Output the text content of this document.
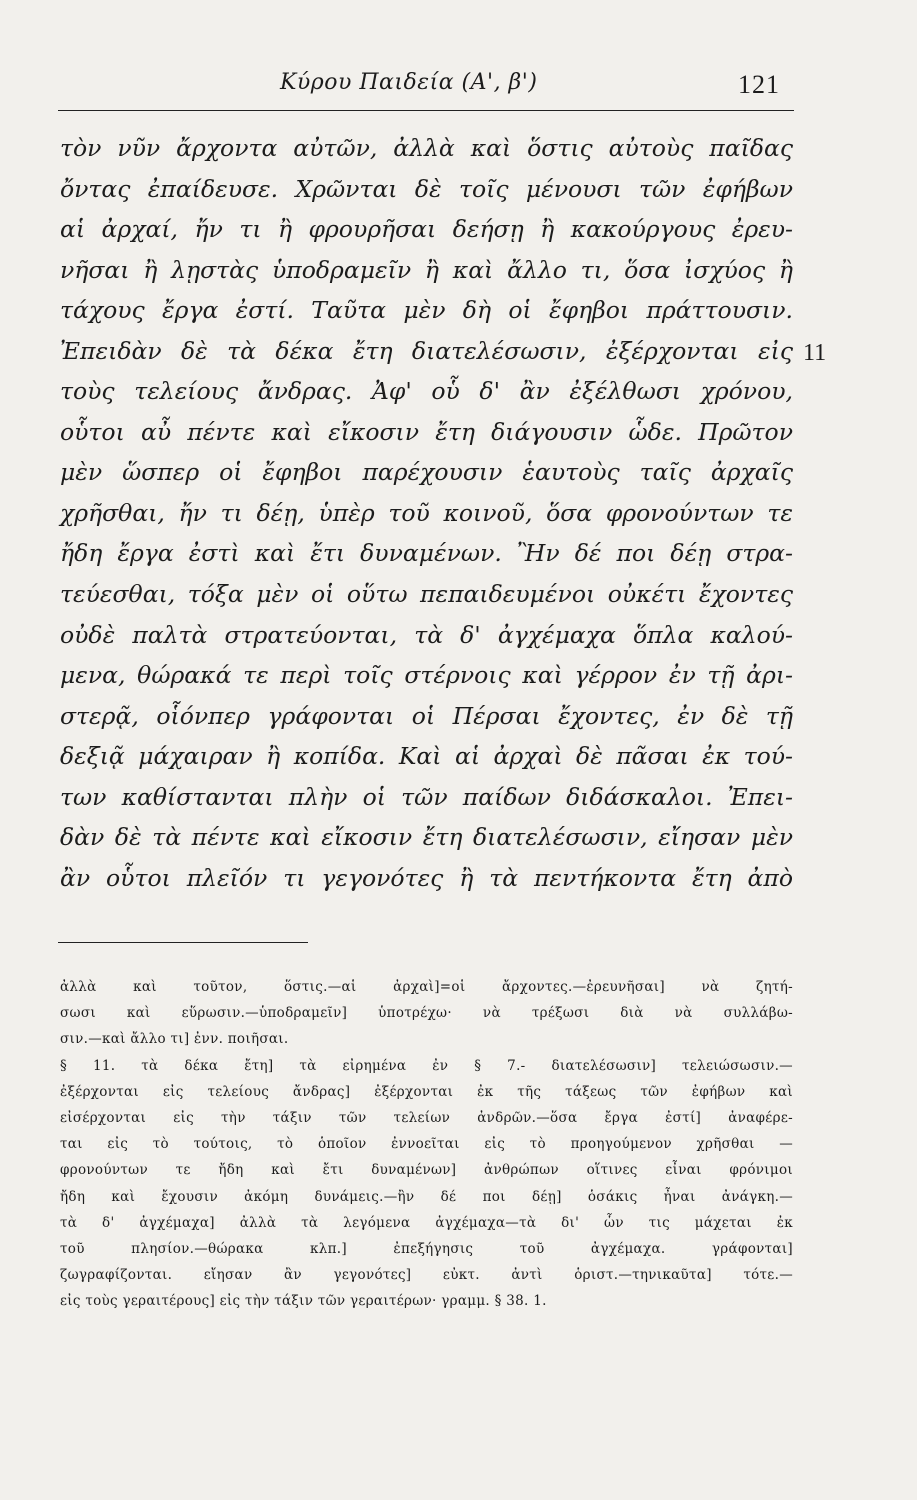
Κύρου Παιδεία (Α', β')	121
τὸν νῦν ἄρχοντα αὐτῶν, ἀλλὰ καὶ ὅστις αὐτοὺς παῖδας
ὄντας ἐπαίδευσε. Χρῶνται δὲ τοῖς μένουσι τῶν ἐφήβων
αἱ ἀρχαί, ἤν τι ἢ φρουρῆσαι δεήσῃ ἢ κακούργους ἐρευ-
νῆσαι ἢ λῃστὰς ὑποδραμεῖν ἢ καὶ ἄλλο τι, ὅσα ἰσχύος ἢ
τάχους ἔργα ἐστί. Ταῦτα μὲν δὴ οἱ ἔφηβοι πράττουσιν.
Ἐπειδὰν δὲ τὰ δέκα ἔτη διατελέσωσιν, ἐξέρχονται εἰς
τοὺς τελείους ἄνδρας. Ἀφ' οὗ δ' ἂν ἐξέλθωσι χρόνου,
οὗτοι αὖ πέντε καὶ εἴκοσιν ἔτη διάγουσιν ὧδε. Πρῶτον
μὲν ὥσπερ οἱ ἔφηβοι παρέχουσιν ἑαυτοὺς ταῖς ἀρχαῖς
χρῆσθαι, ἤν τι δέῃ, ὑπὲρ τοῦ κοινοῦ, ὅσα φρονούντων τε
ἤδη ἔργα ἐστὶ καὶ ἔτι δυναμένων. Ἢν δέ ποι δέῃ στρα-
τεύεσθαι, τόξα μὲν οἱ οὕτω πεπαιδευμένοι οὐκέτι ἔχοντες
οὐδὲ παλτὰ στρατεύονται, τὰ δ' ἀγχέμαχα ὅπλα καλού-
μενα, θώρακά τε περὶ τοῖς στέρνοις καὶ γέρρον ἐν τῇ ἀρι-
στερᾷ, οἷόνπερ γράφονται οἱ Πέρσαι ἔχοντες, ἐν δὲ τῇ
δεξιᾷ μάχαιραν ἢ κοπίδα. Καὶ αἱ ἀρχαὶ δὲ πᾶσαι ἐκ τού-
των καθίστανται πλὴν οἱ τῶν παίδων διδάσκαλοι. Ἐπει-
δὰν δὲ τὰ πέντε καὶ εἴκοσιν ἔτη διατελέσωσιν, εἴησαν μὲν
ἂν οὗτοι πλεῖόν τι γεγονότες ἢ τὰ πεντήκοντα ἔτη ἀπὸ
11
ἀλλὰ καὶ τοῦτον, ὅστις.—αἱ ἀρχαὶ]=οἱ ἄρχοντες.—ἐρευνῆσαι] νὰ ζητή-
σωσι καὶ εὕρωσιν.—ὑποδραμεῖν] ὑποτρέχω· νὰ τρέξωσι διὰ νὰ συλλάβω-
σιν.—καὶ ἄλλο τι] ἐνν. ποιῆσαι.
§ 11. τὰ δέκα ἔτη] τὰ εἰρημένα ἐν § 7.- διατελέσωσιν] τελειώσωσιν.—
ἐξέρχονται εἰς τελείους ἄνδρας] ἐξέρχονται ἐκ τῆς τάξεως τῶν ἐφήβων καὶ
εἰσέρχονται εἰς τὴν τάξιν τῶν τελείων ἀνδρῶν.—ὅσα ἔργα ἐστί] ἀναφέρε-
ται εἰς τὸ τούτοις, τὸ ὁποῖον ἐννοεῖται εἰς τὸ προηγούμενον χρῆσθαι —
φρονούντων τε ἤδη καὶ ἔτι δυναμένων] ἀνθρώπων οἵτινες εἶναι φρόνιμοι
ἤδη καὶ ἔχουσιν ἀκόμη δυνάμεις.—ἢν δέ ποι δέῃ] ὁσάκις ἦναι ἀνάγκη.—
τὰ δ' ἀγχέμαχα] ἀλλὰ τὰ λεγόμενα ἀγχέμαχα—τὰ δι' ὧν τις μάχεται ἐκ
τοῦ πλησίον.—θώρακα κλπ.] ἐπεξήγησις τοῦ ἀγχέμαχα. γράφονται]
ζωγραφίζονται. εἴησαν ἂν γεγονότες] εὐκτ. ἀντὶ ὁριστ.—τηνικαῦτα] τότε.—
εἰς τοὺς γεραιτέρους] εἰς τὴν τάξιν τῶν γεραιτέρων· γραμμ. § 38. 1.
